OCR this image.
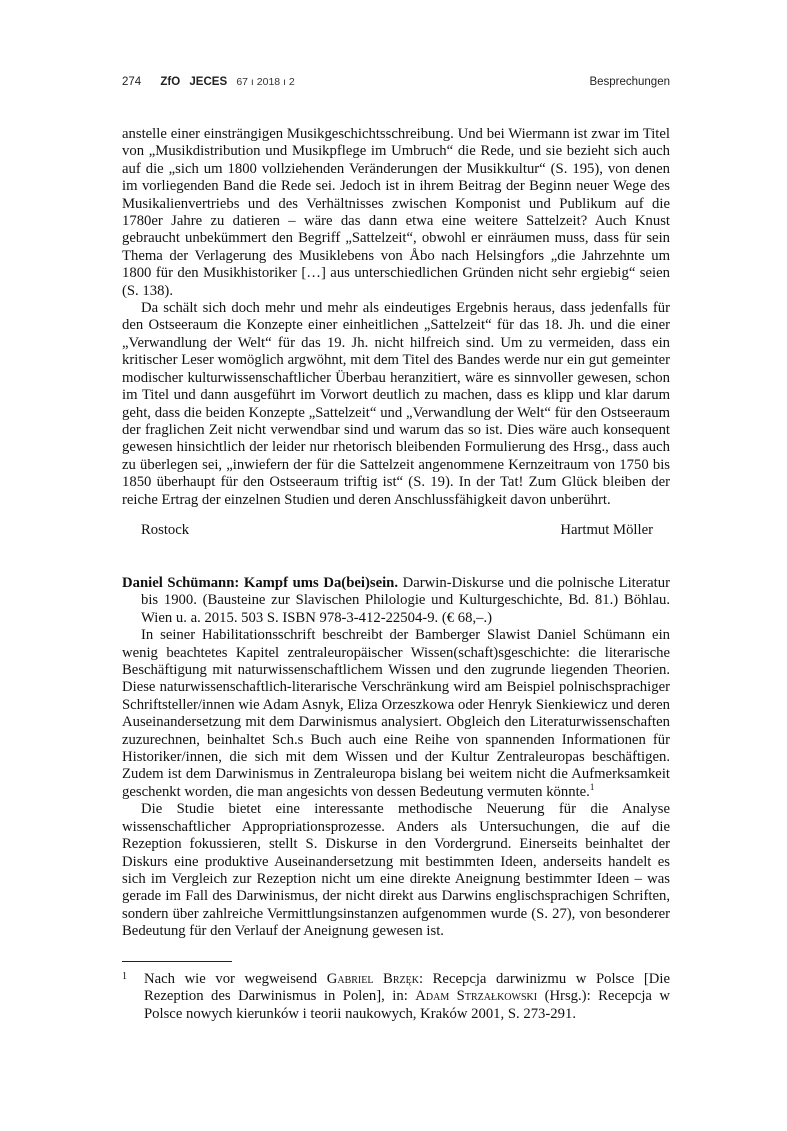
274 ZfO JECES 67 ı 2018 ı 2	Besprechungen

anstelle einer einsträngigen Musikgeschichtsschreibung. Und bei Wiermann ist zwar im Titel von „Musikdistribution und Musikpflege im Umbruch“ die Rede, und sie bezieht sich auch auf die „sich um 1800 vollziehenden Veränderungen der Musikkultur“ (S. 195), von denen im vorliegenden Band die Rede sei. Jedoch ist in ihrem Beitrag der Beginn neuer Wege des Musikalienvertriebs und des Verhältnisses zwischen Komponist und Publikum auf die 1780er Jahre zu datieren – wäre das dann etwa eine weitere Sattelzeit? Auch Knust gebraucht unbekümmert den Begriff „Sattelzeit“, obwohl er einräumen muss, dass für sein Thema der Verlagerung des Musiklebens von Åbo nach Helsingfors „die Jahrzehnte um 1800 für den Musikhistoriker […] aus unterschiedlichen Gründen nicht sehr ergiebig“ seien (S. 138).

Da schält sich doch mehr und mehr als eindeutiges Ergebnis heraus, dass jedenfalls für den Ostseeraum die Konzepte einer einheitlichen „Sattelzeit“ für das 18. Jh. und die einer „Verwandlung der Welt“ für das 19. Jh. nicht hilfreich sind. Um zu vermeiden, dass ein kritischer Leser womöglich argwöhnt, mit dem Titel des Bandes werde nur ein gut gemeinter modischer kulturwissenschaftlicher Überbau heranzitiert, wäre es sinnvoller gewesen, schon im Titel und dann ausgeführt im Vorwort deutlich zu machen, dass es klipp und klar darum geht, dass die beiden Konzepte „Sattelzeit“ und „Verwandlung der Welt“ für den Ostseeraum der fraglichen Zeit nicht verwendbar sind und warum das so ist. Dies wäre auch konsequent gewesen hinsichtlich der leider nur rhetorisch bleibenden Formulierung des Hrsg., dass auch zu überlegen sei, „inwiefern der für die Sattelzeit angenommene Kernzeitraum von 1750 bis 1850 überhaupt für den Ostseeraum triftig ist“ (S. 19). In der Tat! Zum Glück bleiben der reiche Ertrag der einzelnen Studien und deren Anschlussfähigkeit davon unberührt.

Rostock	Hartmut Möller

Daniel Schümann: Kampf ums Da(bei)sein. Darwin-Diskurse und die polnische Literatur bis 1900. (Bausteine zur Slavischen Philologie und Kulturgeschichte, Bd. 81.) Böhlau. Wien u. a. 2015. 503 S. ISBN 978-3-412-22504-9. (€ 68,–.)

In seiner Habilitationsschrift beschreibt der Bamberger Slawist Daniel Schümann ein wenig beachtetes Kapitel zentraleuropäischer Wissen(schaft)sgeschichte: die literarische Beschäftigung mit naturwissenschaftlichem Wissen und den zugrunde liegenden Theorien. Diese naturwissenschaftlich-literarische Verschränkung wird am Beispiel polnischsprachiger Schriftsteller/innen wie Adam Asnyk, Eliza Orzeszkowa oder Henryk Sienkiewicz und deren Auseinandersetzung mit dem Darwinismus analysiert. Obgleich den Literaturwissenschaften zuzurechnen, beinhaltet Sch.s Buch auch eine Reihe von spannenden Informationen für Historiker/innen, die sich mit dem Wissen und der Kultur Zentraleuropas beschäftigen. Zudem ist dem Darwinismus in Zentraleuropa bislang bei weitem nicht die Aufmerksamkeit geschenkt worden, die man angesichts von dessen Bedeutung vermuten könnte.$^1$

Die Studie bietet eine interessante methodische Neuerung für die Analyse wissenschaftlicher Appropriationsprozesse. Anders als Untersuchungen, die auf die Rezeption fokussieren, stellt S. Diskurse in den Vordergrund. Einerseits beinhaltet der Diskurs eine produktive Auseinandersetzung mit bestimmten Ideen, anderseits handelt es sich im Vergleich zur Rezeption nicht um eine direkte Aneignung bestimmter Ideen – was gerade im Fall des Darwinismus, der nicht direkt aus Darwins englischsprachigen Schriften, sondern über zahlreiche Vermittlungsinstanzen aufgenommen wurde (S. 27), von besonderer Bedeutung für den Verlauf der Aneignung gewesen ist.

1 Nach wie vor wegweisend Gabriel Brzęk: Recepcja darwinizmu w Polsce [Die Rezeption des Darwinismus in Polen], in: Adam Strzałkowski (Hrsg.): Recepcja w Polsce nowych kierunków i teorii naukowych, Kraków 2001, S. 273-291.
